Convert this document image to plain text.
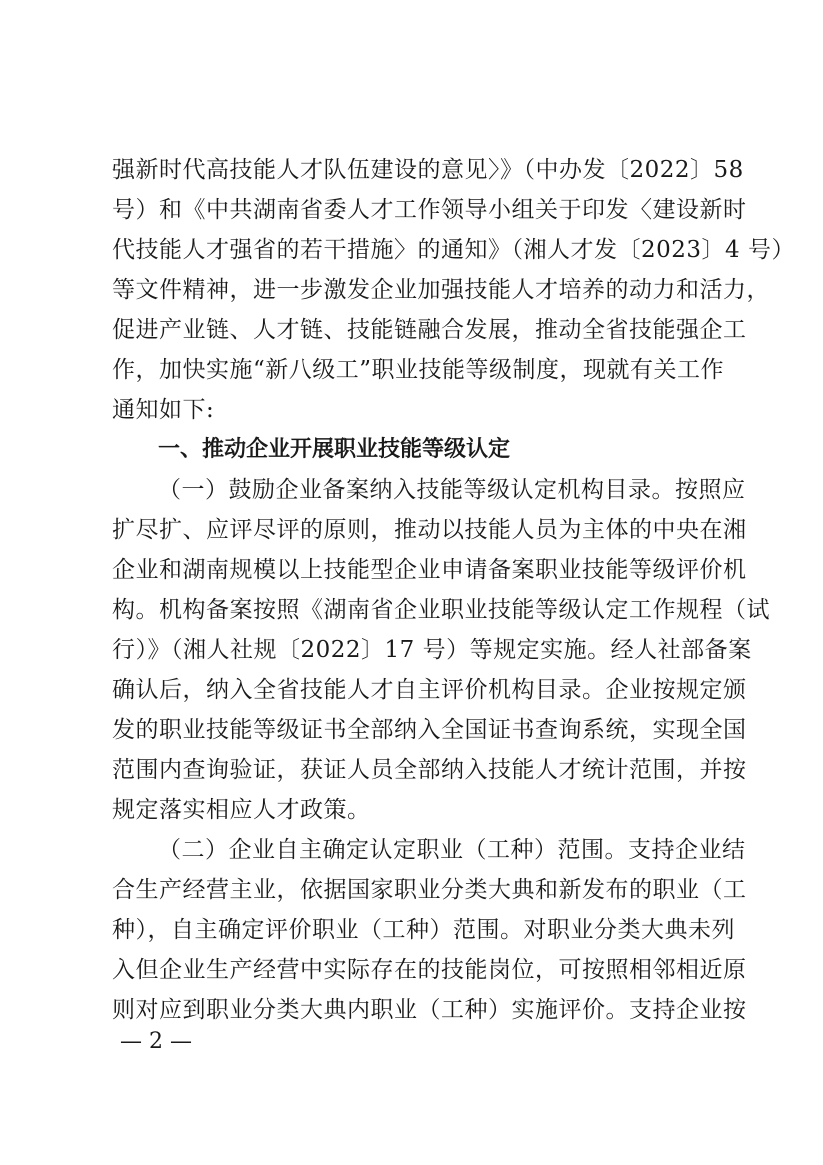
强新时代高技能人才队伍建设的意见〉》（中办发〔2022〕58
号）和《中共湖南省委人才工作领导小组关于印发〈建设新时
代技能人才强省的若干措施〉的通知》（湘人才发〔2023〕4 号）
等文件精神，进一步激发企业加强技能人才培养的动力和活力，
促进产业链、人才链、技能链融合发展，推动全省技能强企工
作，加快实施“新八级工”职业技能等级制度，现就有关工作
通知如下:
一、推动企业开展职业技能等级认定
（一）鼓励企业备案纳入技能等级认定机构目录。按照应
扩尽扩、应评尽评的原则，推动以技能人员为主体的中央在湘
企业和湖南规模以上技能型企业申请备案职业技能等级评价机
构。机构备案按照《湖南省企业职业技能等级认定工作规程（试
行）》（湘人社规〔2022〕17 号）等规定实施。经人社部备案
确认后，纳入全省技能人才自主评价机构目录。企业按规定颁
发的职业技能等级证书全部纳入全国证书查询系统，实现全国
范围内查询验证，获证人员全部纳入技能人才统计范围，并按
规定落实相应人才政策。
（二）企业自主确定认定职业（工种）范围。支持企业结
合生产经营主业，依据国家职业分类大典和新发布的职业（工
种），自主确定评价职业（工种）范围。对职业分类大典未列
入但企业生产经营中实际存在的技能岗位，可按照相邻相近原
则对应到职业分类大典内职业（工种）实施评价。支持企业按
— 2 —
